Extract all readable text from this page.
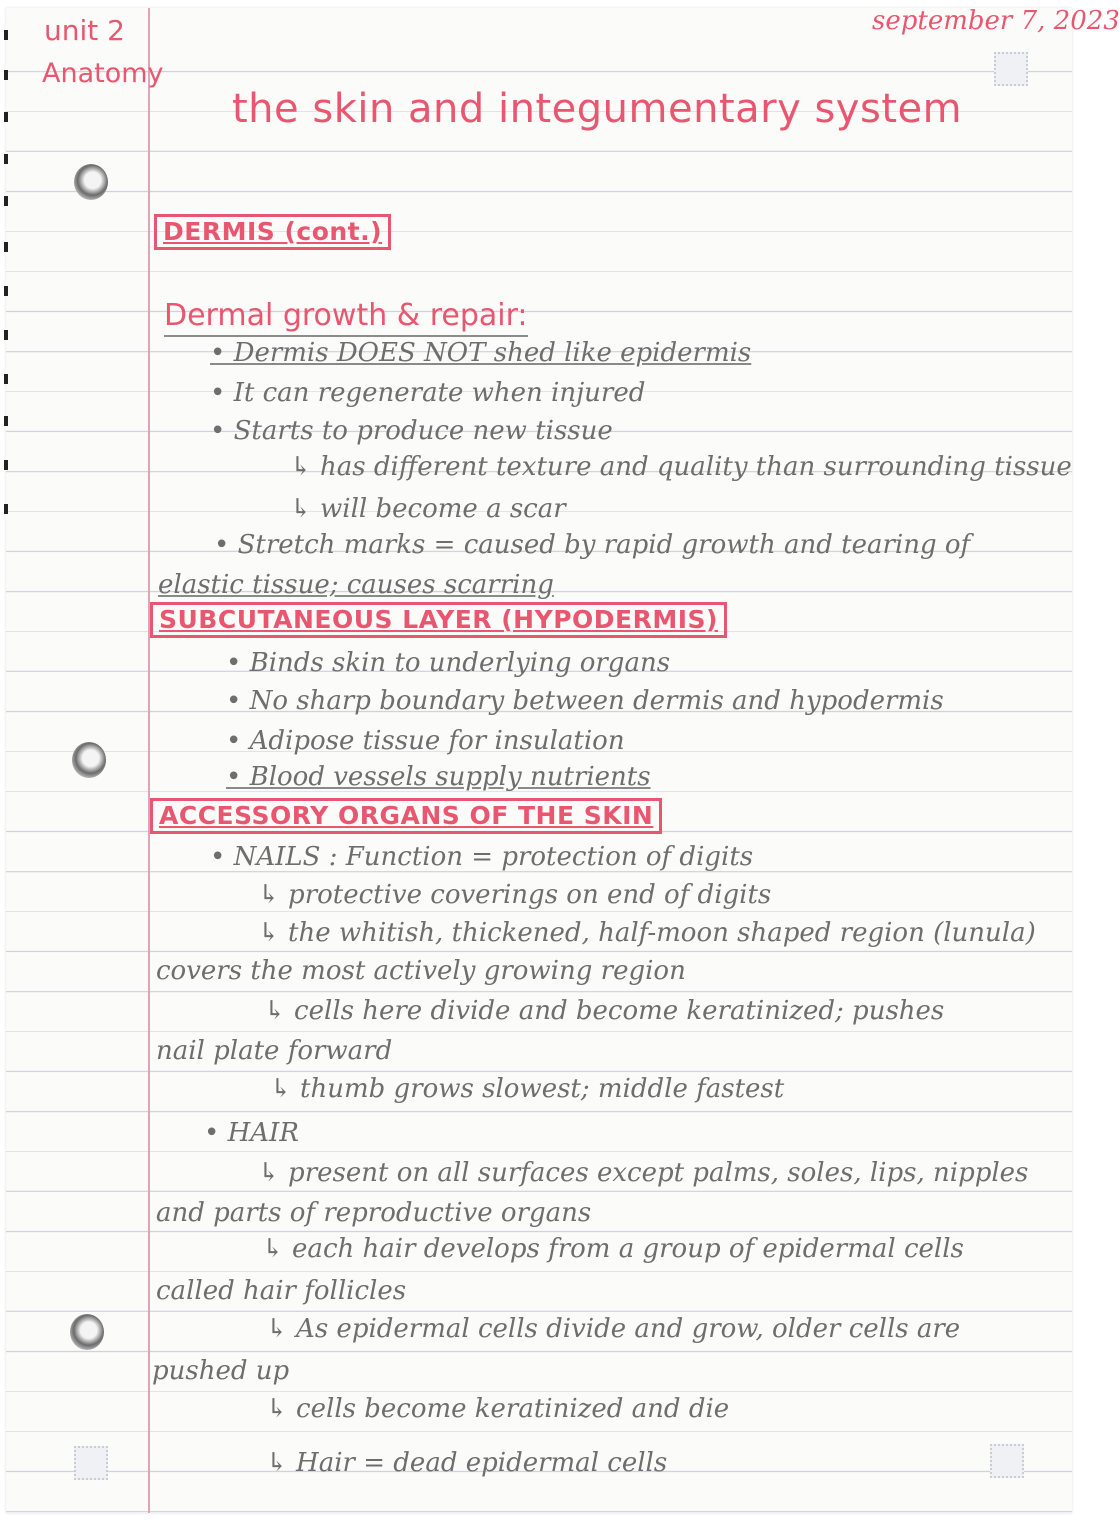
unit 2

Anatomy

september 7, 2023

the skin and integumentary system

DERMIS (cont.)
Dermal growth & repair:

• Dermis DOES NOT shed like epidermis

• It can regenerate when injured

• Starts to produce new tissue

↳ has different texture and quality than surrounding tissue

↳ will become a scar

• Stretch marks = caused by rapid growth and tearing of

elastic tissue; causes scarring

SUBCUTANEOUS LAYER (HYPODERMIS)

• Binds skin to underlying organs

• No sharp boundary between dermis and hypodermis

• Adipose tissue for insulation

• Blood vessels supply nutrients

ACCESSORY ORGANS OF THE SKIN

• NAILS : Function = protection of digits

↳ protective coverings on end of digits

↳ the whitish, thickened, half-moon shaped region (lunula)

covers the most actively growing region

↳ cells here divide and become keratinized; pushes

nail plate forward

↳ thumb grows slowest; middle fastest

• HAIR

↳ present on all surfaces except palms, soles, lips, nipples

and parts of reproductive organs

↳ each hair develops from a group of epidermal cells

called hair follicles

↳ As epidermal cells divide and grow, older cells are

pushed up

↳ cells become keratinized and die

↳ Hair = dead epidermal cells
